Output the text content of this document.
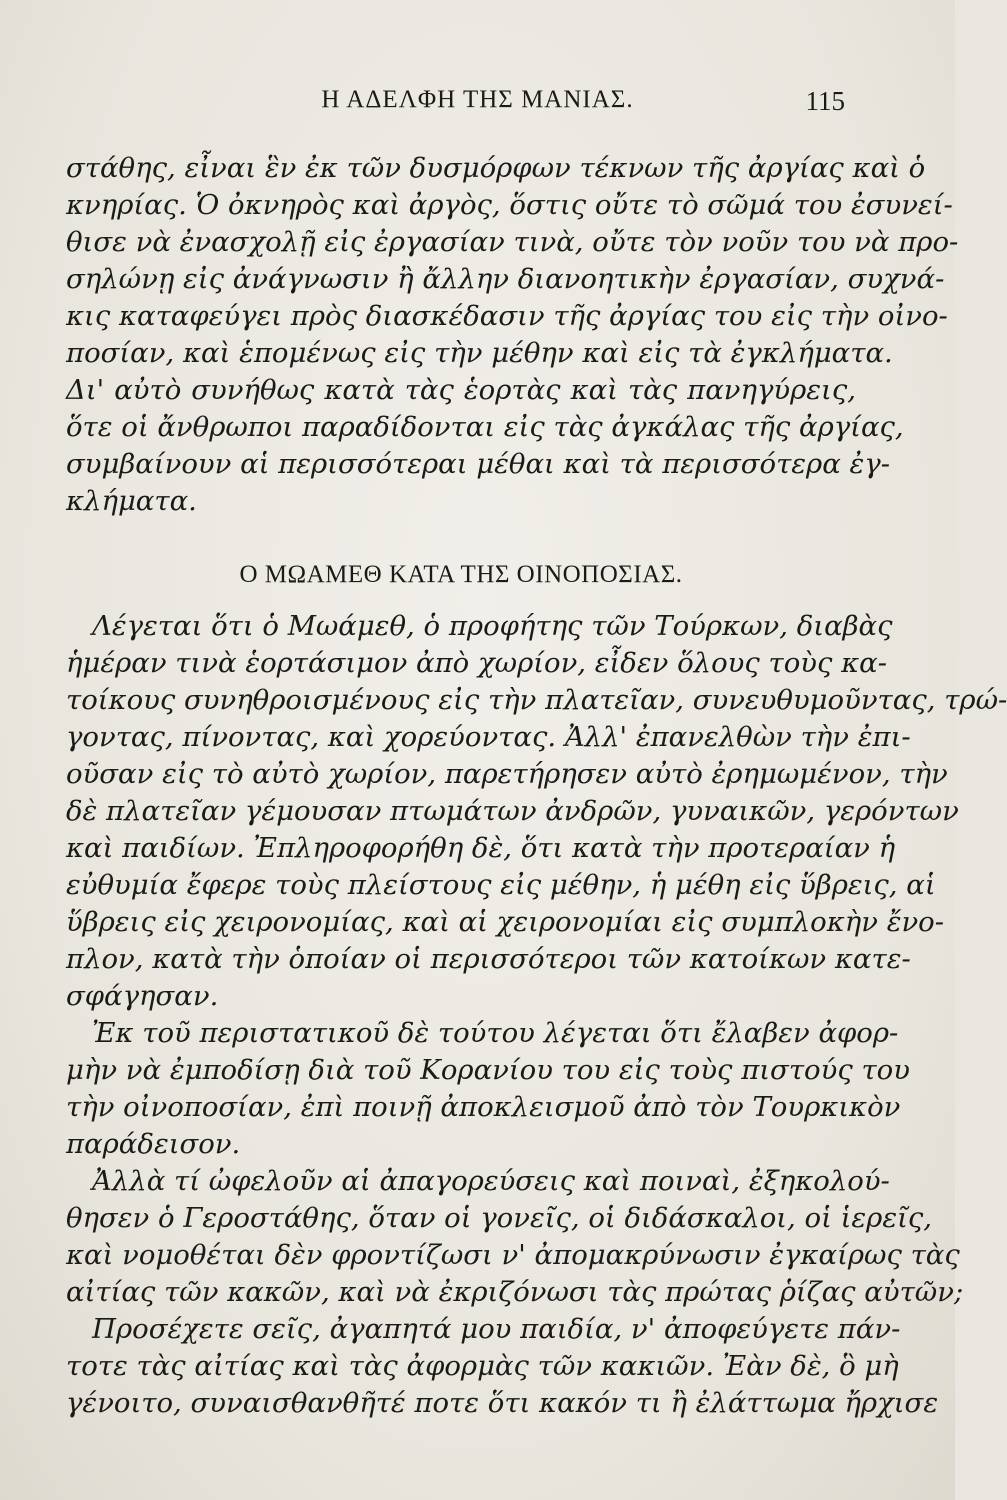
Η ΑΔΕΛΦΗ ΤΗΣ ΜΑΝΙΑΣ.	115
στάθης, εἶναι ἓν ἐκ τῶν δυσμόρφων τέκνων τῆς ἀργίας καὶ ὁ
κνηρίας. Ὁ ὀκνηρὸς καὶ ἀργὸς, ὅστις οὔτε τὸ σῶμά του ἐσυνεί-
θισε νὰ ἐνασχολῇ εἰς ἐργασίαν τινὰ, οὔτε τὸν νοῦν του νὰ προ-
σηλώνῃ εἰς ἀνάγνωσιν ἢ ἄλλην διανοητικὴν ἐργασίαν, συχνά-
κις καταφεύγει πρὸς διασκέδασιν τῆς ἀργίας του εἰς τὴν οἰνο-
ποσίαν, καὶ ἑπομένως εἰς τὴν μέθην καὶ εἰς τὰ ἐγκλήματα.
Δι' αὐτὸ συνήθως κατὰ τὰς ἑορτὰς καὶ τὰς πανηγύρεις,
ὅτε οἱ ἄνθρωποι παραδίδονται εἰς τὰς ἀγκάλας τῆς ἀργίας,
συμβαίνουν αἱ περισσότεραι μέθαι καὶ τὰ περισσότερα ἐγ-
κλήματα.
Ο ΜΩΑΜΕΘ ΚΑΤΑ ΤΗΣ ΟΙΝΟΠΟΣΙΑΣ.
Λέγεται ὅτι ὁ Μωάμεθ, ὁ προφήτης τῶν Τούρκων, διαβὰς
ἡμέραν τινὰ ἑορτάσιμον ἀπὸ χωρίον, εἶδεν ὅλους τοὺς κα-
τοίκους συνηθροισμένους εἰς τὴν πλατεῖαν, συνευθυμοῦντας, τρώ-
γοντας, πίνοντας, καὶ χορεύοντας. Ἀλλ' ἐπανελθὼν τὴν ἐπι-
οῦσαν εἰς τὸ αὐτὸ χωρίον, παρετήρησεν αὐτὸ ἐρημωμένον, τὴν
δὲ πλατεῖαν γέμουσαν πτωμάτων ἀνδρῶν, γυναικῶν, γερόντων
καὶ παιδίων. Ἐπληροφορήθη δὲ, ὅτι κατὰ τὴν προτεραίαν ἡ
εὐθυμία ἔφερε τοὺς πλείστους εἰς μέθην, ἡ μέθη εἰς ὕβρεις, αἱ
ὕβρεις εἰς χειρονομίας, καὶ αἱ χειρονομίαι εἰς συμπλοκὴν ἔνο-
πλον, κατὰ τὴν ὁποίαν οἱ περισσότεροι τῶν κατοίκων κατε-
σφάγησαν.
Ἐκ τοῦ περιστατικοῦ δὲ τούτου λέγεται ὅτι ἔλαβεν ἀφορ-
μὴν νὰ ἐμποδίσῃ διὰ τοῦ Κορανίου του εἰς τοὺς πιστούς του
τὴν οἰνοποσίαν, ἐπὶ ποινῇ ἀποκλεισμοῦ ἀπὸ τὸν Τουρκικὸν
παράδεισον.
Ἀλλὰ τί ὠφελοῦν αἱ ἀπαγορεύσεις καὶ ποιναὶ, ἐξηκολού-
θησεν ὁ Γεροστάθης, ὅταν οἱ γονεῖς, οἱ διδάσκαλοι, οἱ ἱερεῖς,
καὶ νομοθέται δὲν φροντίζωσι ν' ἀπομακρύνωσιν ἐγκαίρως τὰς
αἰτίας τῶν κακῶν, καὶ νὰ ἐκριζόνωσι τὰς πρώτας ῥίζας αὐτῶν;
Προσέχετε σεῖς, ἀγαπητά μου παιδία, ν' ἀποφεύγετε πάν-
τοτε τὰς αἰτίας καὶ τὰς ἀφορμὰς τῶν κακιῶν. Ἐὰν δὲ, ὃ μὴ
γένοιτο, συναισθανθῆτέ ποτε ὅτι κακόν τι ἢ ἐλάττωμα ἤρχισε
